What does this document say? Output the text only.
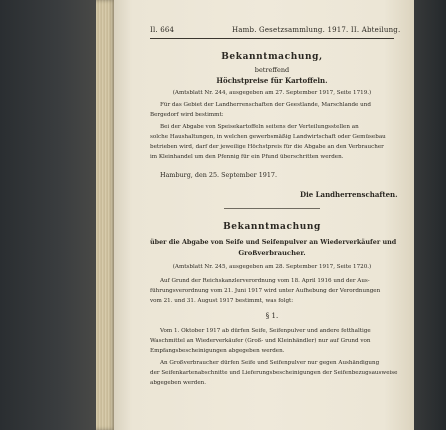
Il. 664	Hamb. Gesetzsammlung. 1917. II. Abteilung.
Bekanntmachung,
betreffend
Höchstpreise für Kartoffeln.
(Amtsblatt Nr. 244, ausgegeben am 27. September 1917, Seite 1719.)
Für das Gebiet der Landherrenschaften der Geestlande, Marschlande und
Bergedorf wird bestimmt:
Bei der Abgabe von Speisekartoffeln seitens der Verteilungsstellen an
solche Haushaltungen, in welchen gewerbsmäßig Landwirtschaft oder Gemüsebau
betrieben wird, darf der jeweilige Höchstpreis für die Abgabe an den Verbraucher
im Kleinhandel um den Pfennig für ein Pfund überschritten werden.
Hamburg, den 25. September 1917.
Die Landherrenschaften.
Bekanntmachung
über die Abgabe von Seife und Seifenpulver an Wiederverkäufer und
Großverbraucher.
(Amtsblatt Nr. 245, ausgegeben am 28. September 1917, Seite 1720.)
Auf Grund der Reichskanzlerverordnung vom 18. April 1916 und der Aus-
führungsverordnung vom 21. Juni 1917 wird unter Aufhebung der Verordnungen
vom 21. und 31. August 1917 bestimmt, was folgt:
§ 1.
Vom 1. Oktober 1917 ab dürfen Seife, Seifenpulver und andere fetthaltige
Waschmittel an Wiederverkäufer (Groß- und Kleinhändler) nur auf Grund von
Empfangsbescheinigungen abgegeben werden.
An Großverbraucher dürfen Seife und Seifenpulver nur gegen Aushändigung
der Seifenkartenabschnitte und Lieferungsbescheinigungen der Seifenbezugsausweise
abgegeben werden.
